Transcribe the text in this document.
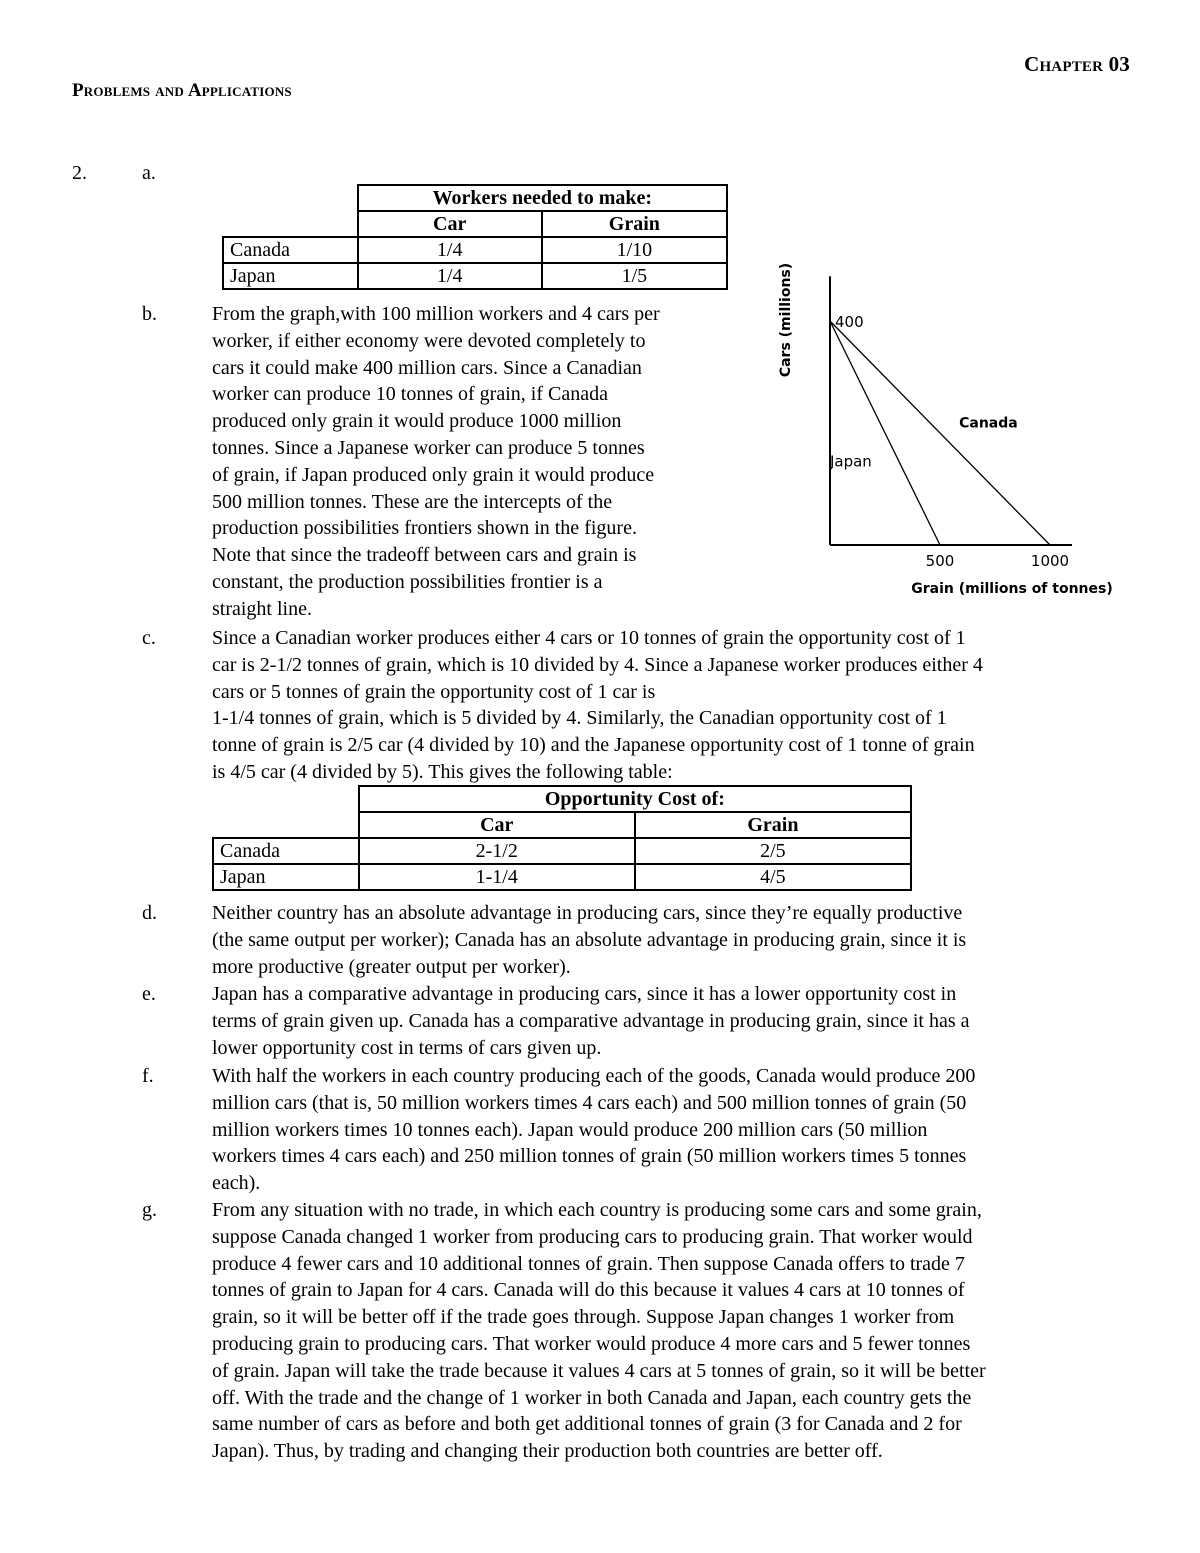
Chapter 03
Problems and Applications
2.	a.
	Workers needed to make:	
	Car	Grain
Canada	1/4	1/10
Japan	1/4	1/5
b.	From the graph,with 100 million workers and 4 cars per
worker, if either economy were devoted completely to
cars it could make 400 million cars. Since a Canadian
worker can produce 10 tonnes of grain, if Canada
produced only grain it would produce 1000 million
tonnes. Since a Japanese worker can produce 5 tonnes
of grain, if Japan produced only grain it would produce
500 million tonnes. These are the intercepts of the
production possibilities frontiers shown in the figure.
Note that since the tradeoff between cars and grain is
constant, the production possibilities frontier is a
straight line.
Japan
Canada
400
500	1000
Grain (millions of tonnes)
Cars (millions)
c.	Since a Canadian worker produces either 4 cars or 10 tonnes of grain the opportunity cost of 1
car is 2-1/2 tonnes of grain, which is 10 divided by 4. Since a Japanese worker produces either 4
cars or 5 tonnes of grain the opportunity cost of 1 car is
1-1/4 tonnes of grain, which is 5 divided by 4. Similarly, the Canadian opportunity cost of 1
tonne of grain is 2/5 car (4 divided by 10) and the Japanese opportunity cost of 1 tonne of grain
is 4/5 car (4 divided by 5). This gives the following table:
	Opportunity Cost of:	
	Car	Grain
Canada	2-1/2	2/5
Japan	1-1/4	4/5
d.	Neither country has an absolute advantage in producing cars, since they’re equally productive
(the same output per worker); Canada has an absolute advantage in producing grain, since it is
more productive (greater output per worker).
e.	Japan has a comparative advantage in producing cars, since it has a lower opportunity cost in
terms of grain given up. Canada has a comparative advantage in producing grain, since it has a
lower opportunity cost in terms of cars given up.
f.	With half the workers in each country producing each of the goods, Canada would produce 200
million cars (that is, 50 million workers times 4 cars each) and 500 million tonnes of grain (50
million workers times 10 tonnes each). Japan would produce 200 million cars (50 million
workers times 4 cars each) and 250 million tonnes of grain (50 million workers times 5 tonnes
each).
g.	From any situation with no trade, in which each country is producing some cars and some grain,
suppose Canada changed 1 worker from producing cars to producing grain. That worker would
produce 4 fewer cars and 10 additional tonnes of grain. Then suppose Canada offers to trade 7
tonnes of grain to Japan for 4 cars. Canada will do this because it values 4 cars at 10 tonnes of
grain, so it will be better off if the trade goes through. Suppose Japan changes 1 worker from
producing grain to producing cars. That worker would produce 4 more cars and 5 fewer tonnes
of grain. Japan will take the trade because it values 4 cars at 5 tonnes of grain, so it will be better
off. With the trade and the change of 1 worker in both Canada and Japan, each country gets the
same number of cars as before and both get additional tonnes of grain (3 for Canada and 2 for
Japan). Thus, by trading and changing their production both countries are better off.
